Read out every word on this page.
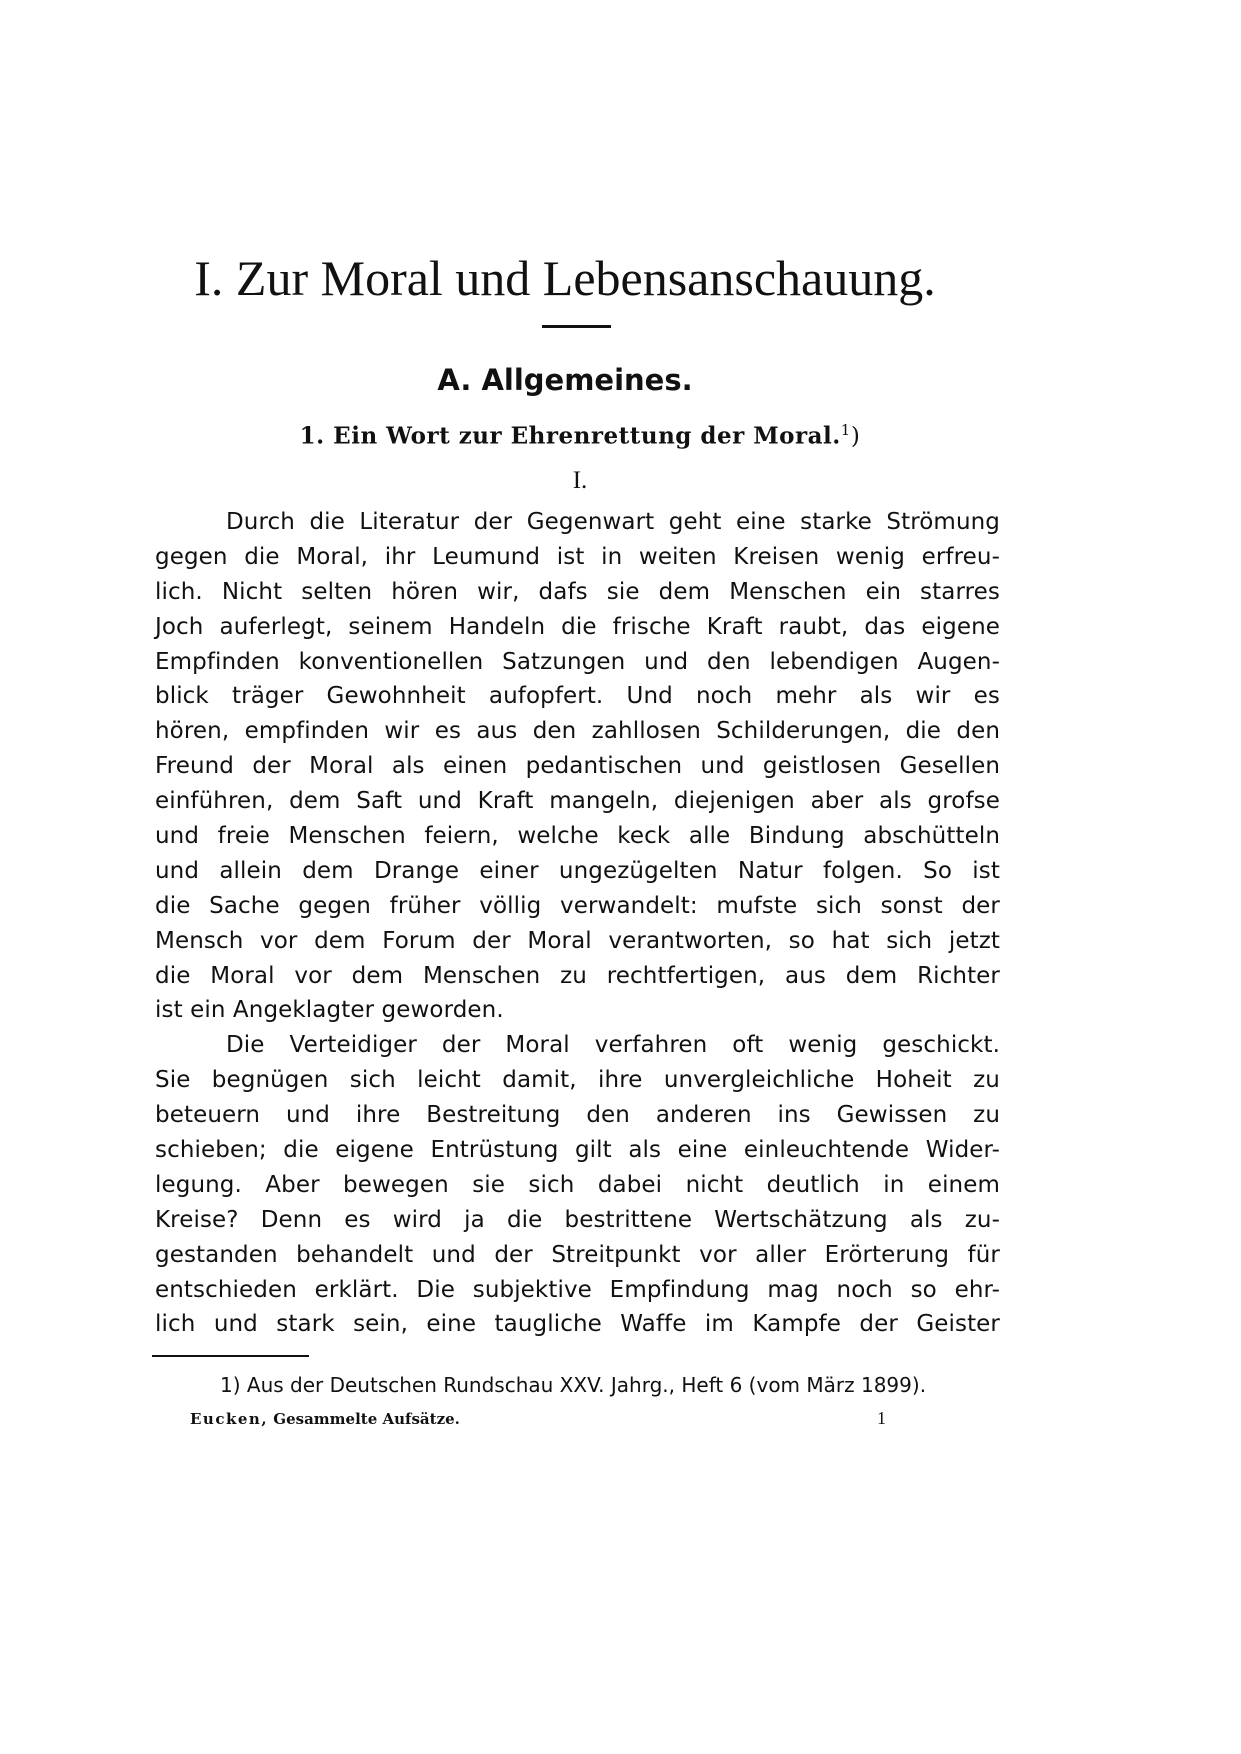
I. Zur Moral und Lebensanschauung.
A. Allgemeines.
1. Ein Wort zur Ehrenrettung der Moral.$^1$)
I.
Durch die Literatur der Gegenwart geht eine starke Strömung
gegen die Moral, ihr Leumund ist in weiten Kreisen wenig erfreu-
lich. Nicht selten hören wir, dafs sie dem Menschen ein starres
Joch auferlegt, seinem Handeln die frische Kraft raubt, das eigene
Empfinden konventionellen Satzungen und den lebendigen Augen-
blick träger Gewohnheit aufopfert. Und noch mehr als wir es
hören, empfinden wir es aus den zahllosen Schilderungen, die den
Freund der Moral als einen pedantischen und geistlosen Gesellen
einführen, dem Saft und Kraft mangeln, diejenigen aber als grofse
und freie Menschen feiern, welche keck alle Bindung abschütteln
und allein dem Drange einer ungezügelten Natur folgen. So ist
die Sache gegen früher völlig verwandelt: mufste sich sonst der
Mensch vor dem Forum der Moral verantworten, so hat sich jetzt
die Moral vor dem Menschen zu rechtfertigen, aus dem Richter
ist ein Angeklagter geworden.
Die Verteidiger der Moral verfahren oft wenig geschickt.
Sie begnügen sich leicht damit, ihre unvergleichliche Hoheit zu
beteuern und ihre Bestreitung den anderen ins Gewissen zu
schieben; die eigene Entrüstung gilt als eine einleuchtende Wider-
legung. Aber bewegen sie sich dabei nicht deutlich in einem
Kreise? Denn es wird ja die bestrittene Wertschätzung als zu-
gestanden behandelt und der Streitpunkt vor aller Erörterung für
entschieden erklärt. Die subjektive Empfindung mag noch so ehr-
lich und stark sein, eine taugliche Waffe im Kampfe der Geister

1) Aus der Deutschen Rundschau XXV. Jahrg., Heft 6 (vom März 1899).

Eucken, Gesammelte Aufsätze.	1
